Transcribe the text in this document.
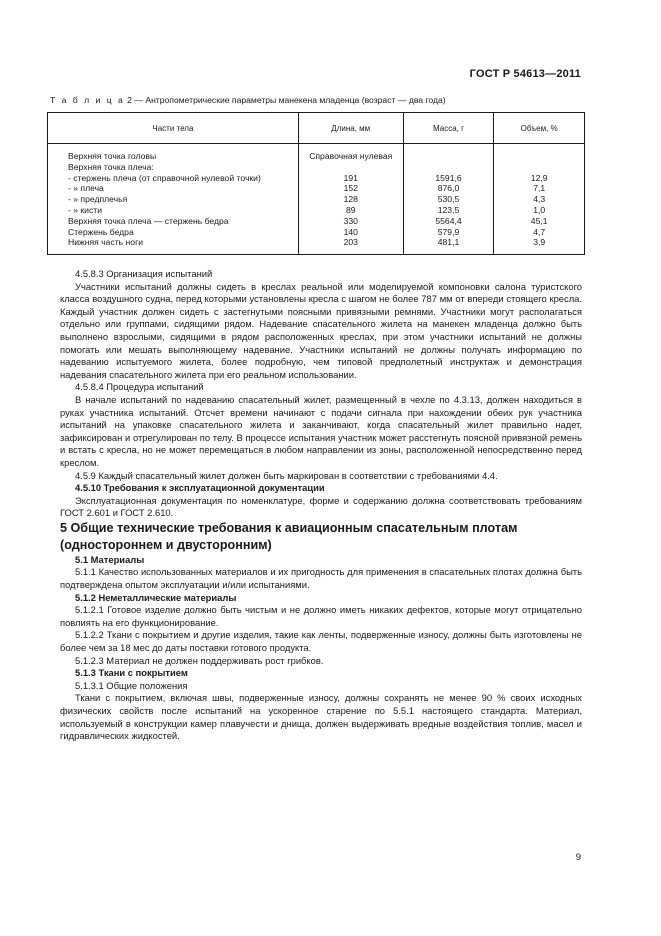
ГОСТ Р 54613—2011
Т а б л и ц а 2 — Антропометрические параметры манекена младенца (возраст — два года)
Части тела	Длина, мм	Масса, г	Объем, %
Верхняя точка головы	Справочная нулевая		
Верхняя точка плеча:			
- стержень плеча (от справочной нулевой точки)	191	1591,6	12,9
- » плеча	152	876,0	7,1
- » предплечья	128	530,5	4,3
- » кисти	89	123,5	1,0
Верхняя точка плеча — стержень бедра	330	5564,4	45,1
Стержень бедра	140	579,9	4,7
Нижняя часть ноги	203	481,1	3,9

4.5.8.3 Организация испытаний

Участники испытаний должны сидеть в креслах реальной или моделируемой компоновки салона туристского класса воздушного судна, перед которыми установлены кресла с шагом не более 787 мм от впереди стоящего кресла. Каждый участник должен сидеть с застегнутыми поясными привязными ремнями. Участники могут располагаться отдельно или группами, сидящими рядом. Надевание спасательного жилета на манекен младенца должно быть выполнено взрослыми, сидящими в рядом расположенных креслах, при этом участники испытаний не должны помогать или мешать выполняющему надевание. Участники испытаний не должны получать информацию по надеванию испытуемого жилета, более подробную, чем типовой предполетный инструктаж и демонстрация надевания спасательного жилета при его реальном использовании.

4.5.8.4 Процедура испытаний

В начале испытаний по надеванию спасательный жилет, размещенный в чехле по 4.3.13, должен находиться в руках участника испытаний. Отсчет времени начинают с подачи сигнала при нахождении обеих рук участника испытаний на упаковке спасательного жилета и заканчивают, когда спасательный жилет правильно надет, зафиксирован и отрегулирован по телу. В процессе испытания участник может расстегнуть поясной привязной ремень и встать с кресла, но не может перемещаться в любом направлении из зоны, расположенной непосредственно перед креслом.

4.5.9 Каждый спасательный жилет должен быть маркирован в соответствии с требованиями 4.4.

4.5.10 Требования к эксплуатационной документации

Эксплуатационная документация по номенклатуре, форме и содержанию должна соответствовать требованиям ГОСТ 2.601 и ГОСТ 2.610.

5 Общие технические требования к авиационным спасательным плотам (одностороннем и двусторонним)

5.1 Материалы

5.1.1 Качество использованных материалов и их пригодность для применения в спасательных плотах должна быть подтверждена опытом эксплуатации и/или испытаниями.

5.1.2 Неметаллические материалы

5.1.2.1 Готовое изделие должно быть чистым и не должно иметь никаких дефектов, которые могут отрицательно повлиять на его функционирование.

5.1.2.2 Ткани с покрытием и другие изделия, такие как ленты, подверженные износу, должны быть изготовлены не более чем за 18 мес до даты поставки готового продукта.

5.1.2.3 Материал не должен поддерживать рост грибков.

5.1.3 Ткани с покрытием

5.1.3.1 Общие положения

Ткани с покрытием, включая швы, подверженные износу, должны сохранять не менее 90 % своих исходных физических свойств после испытаний на ускоренное старение по 5.5.1 настоящего стандарта. Материал, используемый в конструкции камер плавучести и днища, должен выдерживать вредные воздействия топлив, масел и гидравлических жидкостей.

9
